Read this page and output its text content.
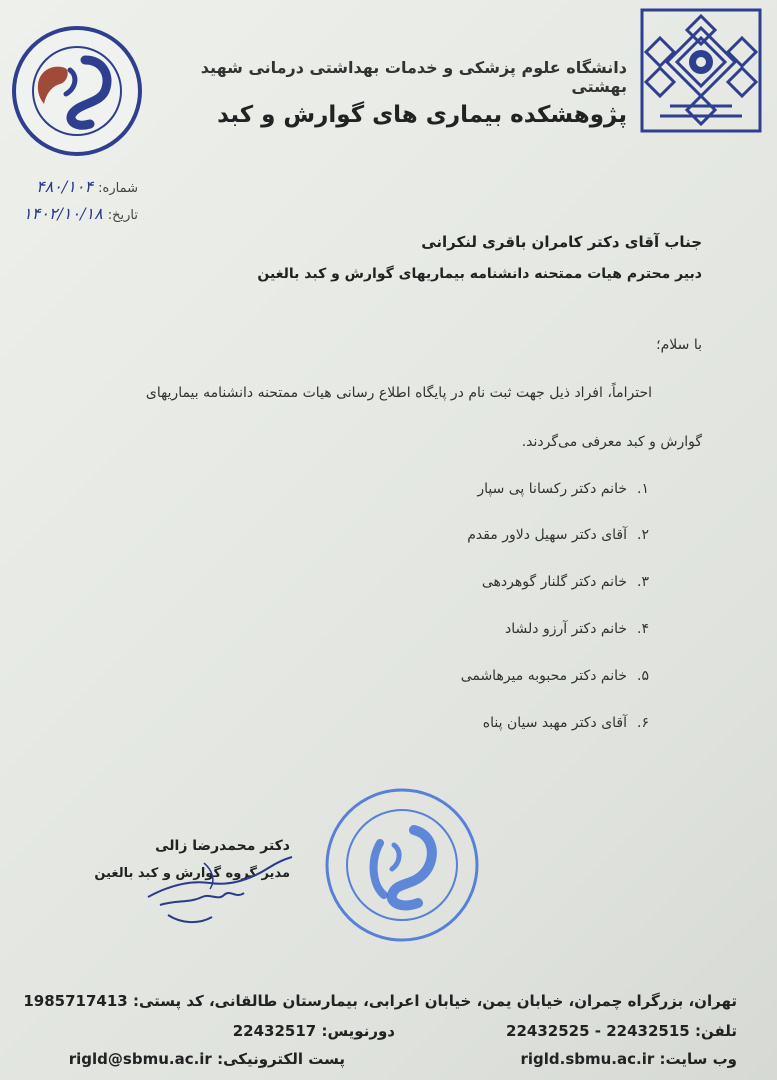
دانشگاه علوم پزشکی و خدمات بهداشتی درمانی شهید بهشتی
پژوهشکده بیماری های گوارش و کبد
شماره: ۴۸۰/۱۰۴
تاریخ: ۱۴۰۲/۱۰/۱۸
جناب آقای دکتر کامران باقری لنکرانی
دبیر محترم هیات ممتحنه دانشنامه بیماریهای گوارش و کبد بالغین
با سلام؛
احتراماً، افراد ذیل جهت ثبت نام در پایگاه اطلاع رسانی هیات ممتحنه دانشنامه بیماریهای
گوارش و کبد معرفی می‌گردند.
۱.خانم دکتر رکسانا پی سپار
۲.آقای دکتر سهیل دلاور مقدم
۳.خانم دکتر گلنار گوهردهی
۴.خانم دکتر آرزو دلشاد
۵.خانم دکتر محبوبه میرهاشمی
۶.آقای دکتر مهبد سیان پناه
دکتر محمدرضا زالی
مدیر گروه گوارش و کبد بالغین
تهران، بزرگراه چمران، خیابان یمن، خیابان اعرابی، بیمارستان طالقانی، کد پستی: 1985717413
تلفن: 22432515 - 22432525
دورنویس: 22432517
وب سایت: rigld.sbmu.ac.ir
پست الکترونیکی: rigld@sbmu.ac.ir
